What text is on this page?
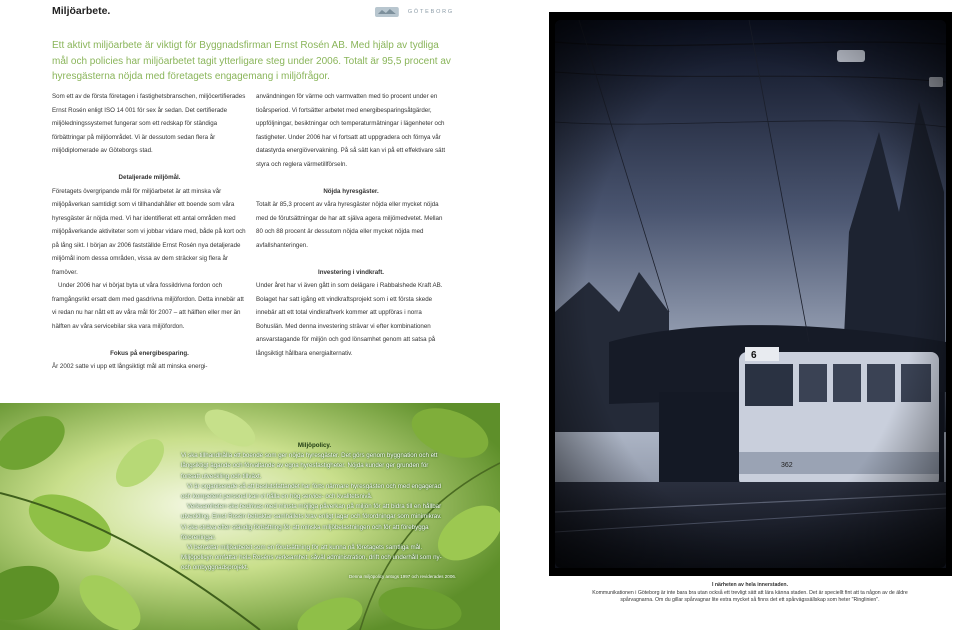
Miljöarbete.	GÖTEBORG
Ett aktivt miljöarbete är viktigt för Byggnadsfirman Ernst Rosén AB. Med hjälp av tydliga mål och policies har miljöarbetet tagit ytterligare steg under 2006. Totalt är 95,5 procent av hyresgästerna nöjda med företagets engagemang i miljöfrågor.

Som ett av de första företagen i fastighetsbranschen, miljöcertifierades Ernst Rosén enligt ISO 14 001 för sex år sedan. Det certifierade miljöledningssystemet fungerar som ett redskap för ständiga förbättringar på miljöområdet. Vi är dessutom sedan flera år miljödiplomerade av Göteborgs stad.

Detaljerade miljömål.

Företagets övergripande mål för miljöarbetet är att minska vår miljöpåverkan samtidigt som vi tillhandahåller ett boende som våra hyresgäster är nöjda med. Vi har identifierat ett antal områden med miljöpåverkande aktiviteter som vi jobbar vidare med, både på kort och på lång sikt. I början av 2006 fastställde Ernst Rosén nya detaljerade miljömål inom dessa områden, vissa av dem sträcker sig flera år framöver.

Under 2006 har vi börjat byta ut våra fossildrivna fordon och framgångsrikt ersatt dem med gasdrivna miljöfordon. Detta innebär att vi redan nu har nått ett av våra mål för 2007 – att hälften eller mer än hälften av våra servicebilar ska vara miljöfordon.

Fokus på energibesparing.

År 2002 satte vi upp ett långsiktigt mål att minska energi-

användningen för värme och varmvatten med tio procent under en tioårsperiod. Vi fortsätter arbetet med energibesparingsåtgärder, uppföljningar, besiktningar och temperaturmätningar i lägenheter och fastigheter. Under 2006 har vi fortsatt att uppgradera och förnya vår datastyrda energiövervakning. På så sätt kan vi på ett effektivare sätt styra och reglera värmetillförseln.

Nöjda hyresgäster.

Totalt är 85,3 procent av våra hyresgäster nöjda eller mycket nöjda med de förutsättningar de har att själva agera miljömedvetet. Mellan 80 och 88 procent är dessutom nöjda eller mycket nöjda med avfallshanteringen.

Investering i vindkraft.

Under året har vi även gått in som delägare i Rabbalshede Kraft AB. Bolaget har satt igång ett vindkraftsprojekt som i ett första skede innebär att ett total vindkraftverk kommer att uppföras i norra Bohuslän. Med denna investering strävar vi efter kombinationen ansvarstagande för miljön och god lönsamhet genom att satsa på långsiktigt hållbara energialternativ.

Miljöpolicy.

Vi ska tillhandhålla ett boende som ger nöjda hyresgäster. Det görs genom byggnation och ett långsiktigt ägande och förvaltande av egna hyresfastigheter. Nöjda kunder ger grunden för fortsatt utveckling och tillväxt.

Vi är organiserade så att beslutsfattandet har förts närmare hyresgästen och med engagerad och kompetent personal kan vi hålla en hög service- och kvalitetsnivå.

Verksamheten ska bedrivas med minsta möjliga påverkan på miljön för att bidra till en hållbar utveckling. Ernst Rosén betraktar samhällets krav enligt lagar och förordningar som minimikrav. Vi ska sträva efter ständig förbättring för att minska miljöbelastningen och för att förebygga föroreningar.

Vi betraktar miljöarbetet som en förutsättning för att kunna nå företagets samtliga mål. Miljöpolicyn omfattar hela Roséns verksamhet: såväl administration, drift och underhåll som ny- och ombyggnadsprojekt.

Denna miljöpolicy antogs 1997 och reviderades 2006.
I närheten av hela innerstaden.

Kommunikationen i Göteborg är inte bara bra utan också ett trevligt sätt att lära känna staden. Det är speciellt fint att ta någon av de äldre spårvagnarna. Om du gillar spårvagnar lite extra mycket så finns det ett spårvägssällskap som heter "Ringlinien".
